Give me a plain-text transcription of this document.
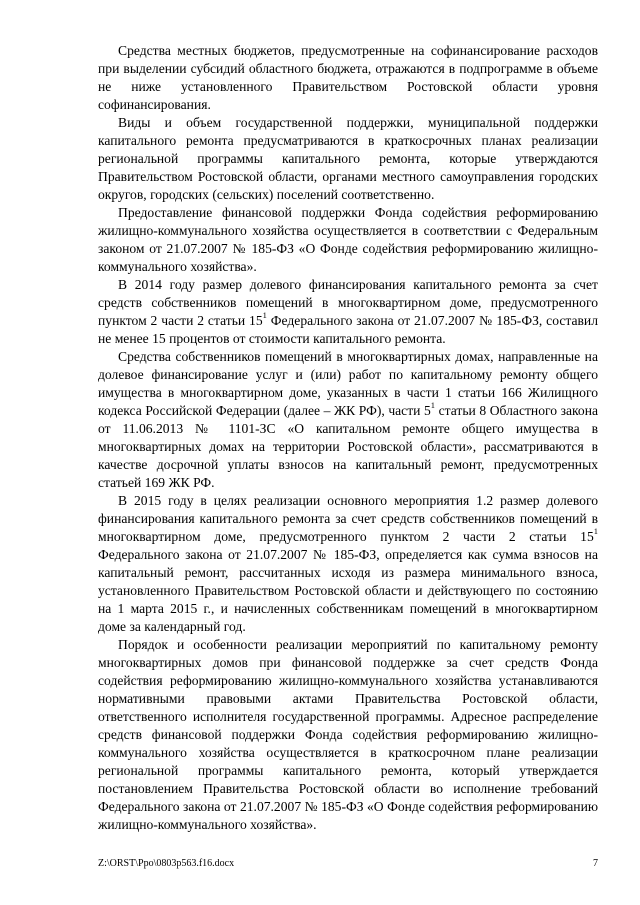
Средства местных бюджетов, предусмотренные на софинансирование расходов при выделении субсидий областного бюджета, отражаются в подпрограмме в объеме не ниже установленного Правительством Ростовской области уровня софинансирования.

Виды и объем государственной поддержки, муниципальной поддержки капитального ремонта предусматриваются в краткосрочных планах реализации региональной программы капитального ремонта, которые утверждаются Правительством Ростовской области, органами местного самоуправления городских округов, городских (сельских) поселений соответственно.

Предоставление финансовой поддержки Фонда содействия реформированию жилищно-коммунального хозяйства осуществляется в соответствии с Федеральным законом от 21.07.2007 № 185-ФЗ «О Фонде содействия реформированию жилищно-коммунального хозяйства».

В 2014 году размер долевого финансирования капитального ремонта за счет средств собственников помещений в многоквартирном доме, предусмотренного пунктом 2 части 2 статьи $15^1$ Федерального закона от 21.07.2007 № 185-ФЗ, составил не менее 15 процентов от стоимости капитального ремонта.

Средства собственников помещений в многоквартирных домах, направленные на долевое финансирование услуг и (или) работ по капитальному ремонту общего имущества в многоквартирном доме, указанных в части 1 статьи 166 Жилищного кодекса Российской Федерации (далее – ЖК РФ), части $5^1$ статьи 8 Областного закона от 11.06.2013 № 1101-ЗС «О капитальном ремонте общего имущества в многоквартирных домах на территории Ростовской области», рассматриваются в качестве досрочной уплаты взносов на капитальный ремонт, предусмотренных статьей 169 ЖК РФ.

В 2015 году в целях реализации основного мероприятия 1.2 размер долевого финансирования капитального ремонта за счет средств собственников помещений в многоквартирном доме, предусмотренного пунктом 2 части 2 статьи $15^1$ Федерального закона от 21.07.2007 № 185-ФЗ, определяется как сумма взносов на капитальный ремонт, рассчитанных исходя из размера минимального взноса, установленного Правительством Ростовской области и действующего по состоянию на 1 марта 2015 г., и начисленных собственникам помещений в многоквартирном доме за календарный год.

Порядок и особенности реализации мероприятий по капитальному ремонту многоквартирных домов при финансовой поддержке за счет средств Фонда содействия реформированию жилищно-коммунального хозяйства устанавливаются нормативными правовыми актами Правительства Ростовской области, ответственного исполнителя государственной программы. Адресное распределение средств финансовой поддержки Фонда содействия реформированию жилищно-коммунального хозяйства осуществляется в краткосрочном плане реализации региональной программы капитального ремонта, который утверждается постановлением Правительства Ростовской области во исполнение требований Федерального закона от 21.07.2007 № 185-ФЗ «О Фонде содействия реформированию жилищно-коммунального хозяйства».

Z:\ORST\Ppo\0803p563.f16.docx	7
